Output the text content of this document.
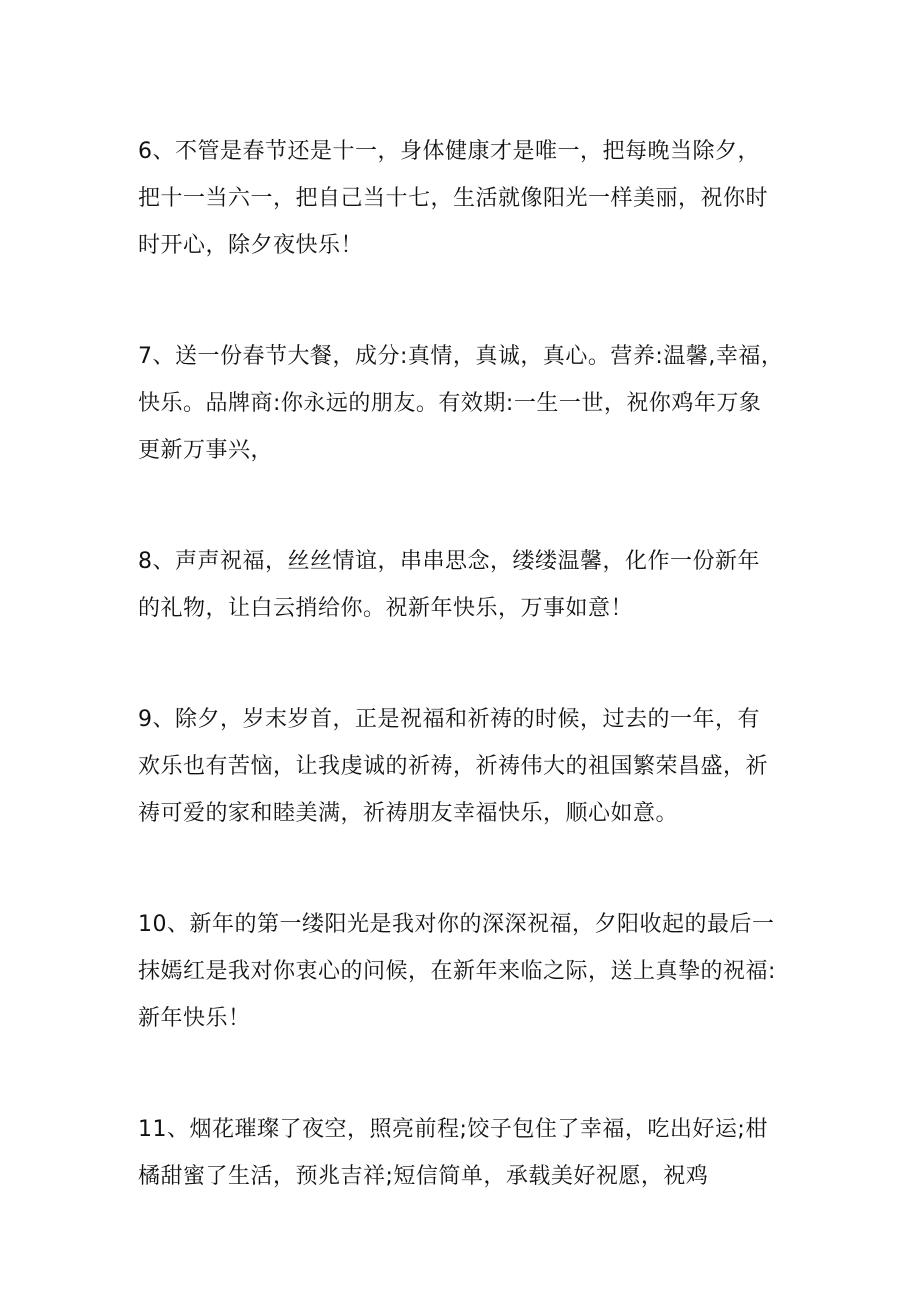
6、不管是春节还是十一，身体健康才是唯一，把每晚当除夕，
把十一当六一，把自己当十七，生活就像阳光一样美丽，祝你时
时开心，除夕夜快乐！

7、送一份春节大餐，成分:真情，真诚，真心。营养:温馨,幸福，
快乐。品牌商:你永远的朋友。有效期:一生一世，祝你鸡年万象
更新万事兴，

8、声声祝福，丝丝情谊，串串思念，缕缕温馨，化作一份新年
的礼物，让白云捎给你。祝新年快乐，万事如意！

9、除夕，岁末岁首，正是祝福和祈祷的时候，过去的一年，有
欢乐也有苦恼，让我虔诚的祈祷，祈祷伟大的祖国繁荣昌盛，祈
祷可爱的家和睦美满，祈祷朋友幸福快乐，顺心如意。

10、新年的第一缕阳光是我对你的深深祝福，夕阳收起的最后一
抹嫣红是我对你衷心的问候，在新年来临之际，送上真挚的祝福:
新年快乐！

11、烟花璀璨了夜空，照亮前程;饺子包住了幸福，吃出好运;柑
橘甜蜜了生活，预兆吉祥;短信简单，承载美好祝愿，祝鸡
